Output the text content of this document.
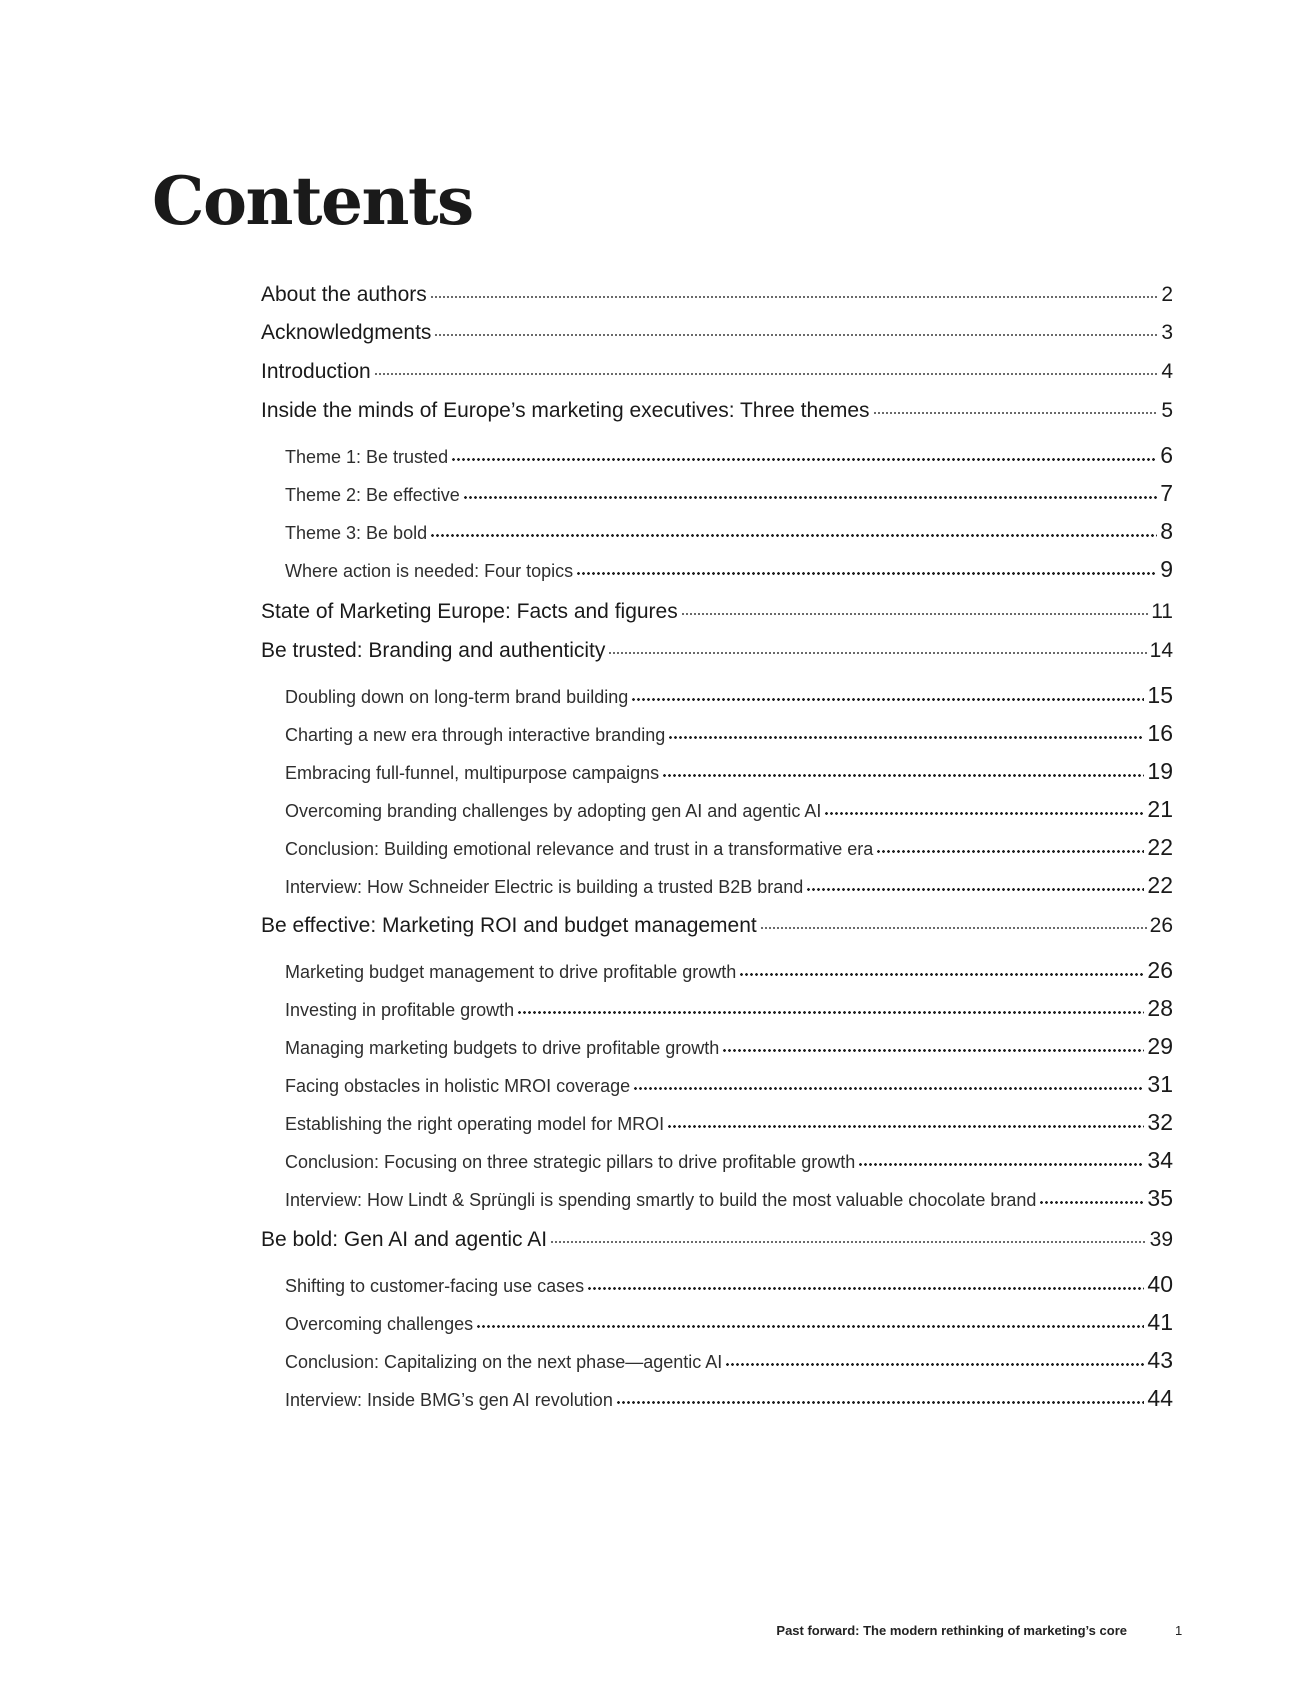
Contents
About the authors	2
Acknowledgments	3
Introduction	4
Inside the minds of Europe’s marketing executives: Three themes	5
Theme 1: Be trusted	6
Theme 2: Be effective	7
Theme 3: Be bold	8
Where action is needed: Four topics	9
State of Marketing Europe: Facts and figures	11
Be trusted: Branding and authenticity	14
Doubling down on long-term brand building	15
Charting a new era through interactive branding	16
Embracing full-funnel, multipurpose campaigns	19
Overcoming branding challenges by adopting gen AI and agentic AI	21
Conclusion: Building emotional relevance and trust in a transformative era	22
Interview: How Schneider Electric is building a trusted B2B brand	22
Be effective: Marketing ROI and budget management	26
Marketing budget management to drive profitable growth	26
Investing in profitable growth	28
Managing marketing budgets to drive profitable growth	29
Facing obstacles in holistic MROI coverage	31
Establishing the right operating model for MROI	32
Conclusion: Focusing on three strategic pillars to drive profitable growth	34
Interview: How Lindt & Sprüngli is spending smartly to build the most valuable chocolate brand	35
Be bold: Gen AI and agentic AI	39
Shifting to customer-facing use cases	40
Overcoming challenges	41
Conclusion: Capitalizing on the next phase—agentic AI	43
Interview: Inside BMG’s gen AI revolution	44
Past forward: The modern rethinking of marketing’s core	1
